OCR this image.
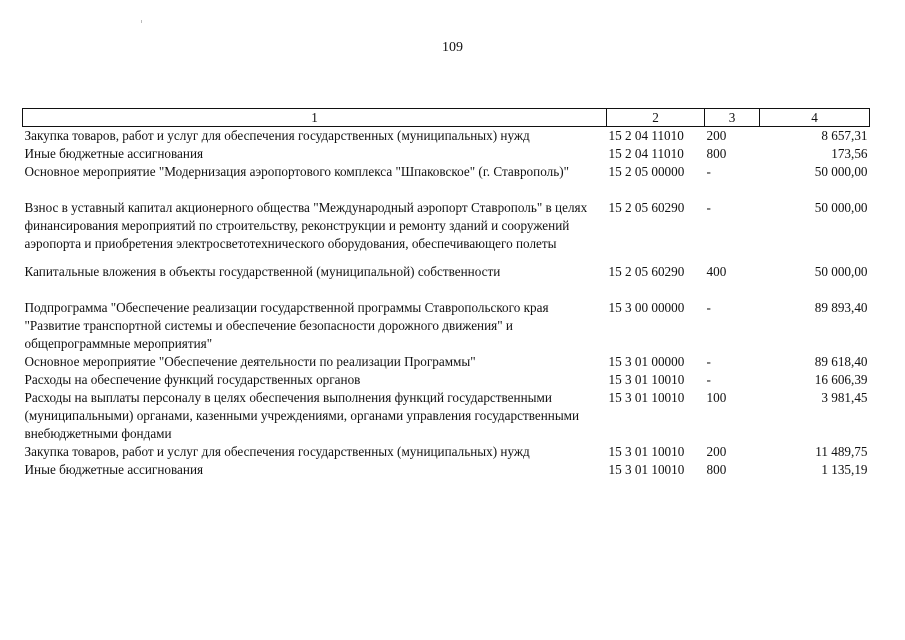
109
1	2	3	4
Закупка товаров, работ и услуг для обеспечения государственных (муниципальных) нужд	15 2 04 11010	200	8 657,31
Иные бюджетные ассигнования	15 2 04 11010	800	173,56
Основное мероприятие "Модернизация аэропортового комплекса "Шпаковское" (г. Ставрополь)"	15 2 05 00000	-	50 000,00
Взнос в уставный капитал акционерного общества "Международный аэропорт Ставрополь" в целях финансирования мероприятий по строительству, реконструкции и ремонту зданий и сооружений аэропорта и приобретения электросветотехнического оборудования, обеспечивающего полеты	15 2 05 60290	-	50 000,00
Капитальные вложения в объекты государственной (муниципальной) собственности	15 2 05 60290	400	50 000,00
Подпрограмма "Обеспечение реализации государственной программы Ставропольского края "Развитие транспортной системы и обеспечение безопасности дорожного движения" и общепрограммные мероприятия"	15 3 00 00000	-	89 893,40
Основное мероприятие "Обеспечение деятельности по реализации Программы"	15 3 01 00000	-	89 618,40
Расходы на обеспечение функций государственных органов	15 3 01 10010	-	16 606,39
Расходы на выплаты персоналу в целях обеспечения выполнения функций государственными (муниципальными) органами, казенными учреждениями, органами управления государственными внебюджетными фондами	15 3 01 10010	100	3 981,45
Закупка товаров, работ и услуг для обеспечения государственных (муниципальных) нужд	15 3 01 10010	200	11 489,75
Иные бюджетные ассигнования	15 3 01 10010	800	1 135,19
